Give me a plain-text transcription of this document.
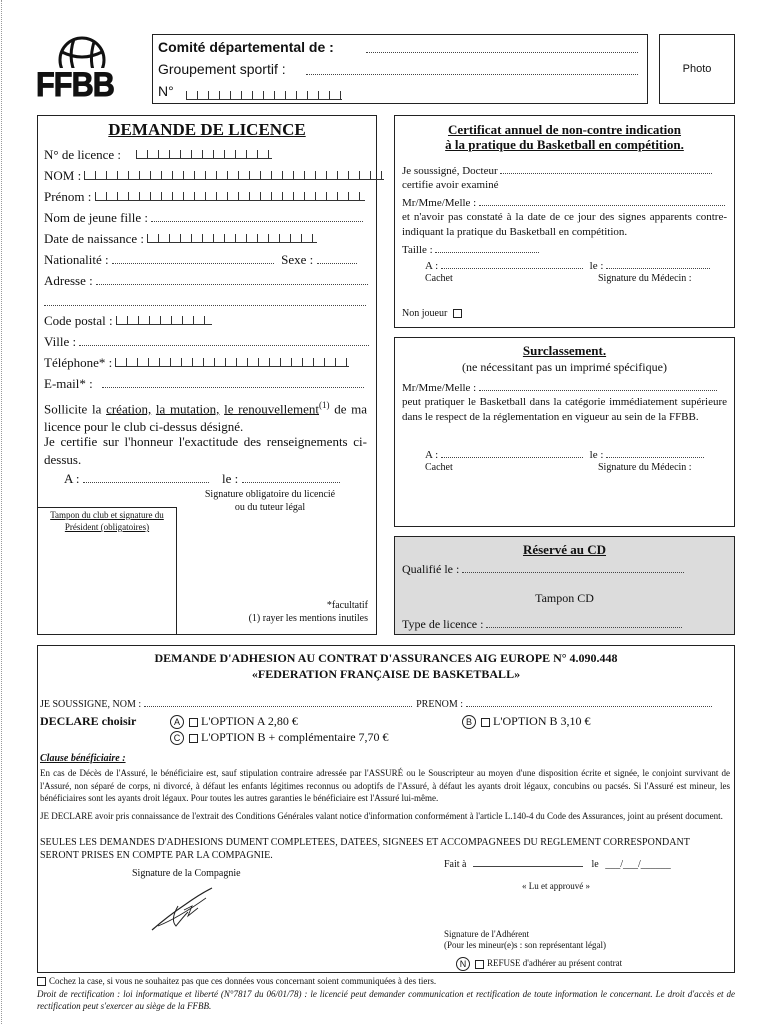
FFBB
Comité départemental de :
Groupement sportif :
N°
Photo
DEMANDE DE LICENCE
N° de licence :
NOM :
Prénom :
Nom de jeune fille :
Date de naissance :
Nationalité :	Sexe :
Adresse :
Code postal :
Ville :
Téléphone* :
E-mail* :
Sollicite la création, la mutation, le renouvellement$^{(1)}$ de ma licence pour le club ci-dessus désigné.
Je certifie sur l'honneur l'exactitude des renseignements ci-dessus.
A :	le :
Signature obligatoire du licencié
ou du tuteur légal
Tampon du club et signature du
Président (obligatoires)
*facultatif
(1) rayer les mentions inutiles
Certificat annuel de non-contre indication
à la pratique du Basketball en compétition.
Je soussigné, Docteur
certifie avoir examiné
Mr/Mme/Melle :
et n'avoir pas constaté à la date de ce jour des signes apparents contre-indiquant la pratique du Basketball en compétition.
Taille :
A :	le :
Cachet	Signature du Médecin :
Non joueur
Surclassement.
(ne nécessitant pas un imprimé spécifique)
Mr/Mme/Melle :
peut pratiquer le Basketball dans la catégorie immédiatement supérieure dans le respect de la réglementation en vigueur au sein de la FFBB.
A :	le :
Cachet	Signature du Médecin :
Réservé au CD
Qualifié le :
Tampon CD
Type de licence :
DEMANDE D'ADHESION AU CONTRAT D'ASSURANCES AIG EUROPE N° 4.090.448
«FEDERATION FRANÇAISE DE BASKETBALL»
JE SOUSSIGNE, NOM :	PRENOM :
DECLARE choisir	A L'OPTION A 2,80 €	B L'OPTION B 3,10 €
C L'OPTION B + complémentaire 7,70 €
Clause bénéficiaire :
En cas de Décès de l'Assuré, le bénéficiaire est, sauf stipulation contraire adressée par l'ASSURÉ ou le Souscripteur au moyen d'une disposition écrite et signée, le conjoint survivant de l'Assuré, non séparé de corps, ni divorcé, à défaut les enfants légitimes reconnus ou adoptifs de l'Assuré, à défaut les ayants droit légaux, concubins ou pacsés. Si l'Assuré est mineur, les bénéficiaires sont les ayants droit légaux. Pour toutes les autres garanties le bénéficiaire est l'Assuré lui-même.
JE DECLARE avoir pris connaissance de l'extrait des Conditions Générales valant notice d'information conformément à l'article L.140-4 du Code des Assurances, joint au présent document.
SEULES LES DEMANDES D'ADHESIONS DUMENT COMPLETEES, DATEES, SIGNEES ET ACCOMPAGNEES DU REGLEMENT CORRESPONDANT SERONT PRISES EN COMPTE PAR LA COMPAGNIE.
Fait à	le ___/___/______
Signature de la Compagnie
« Lu et approuvé »
Signature de l'Adhérent
(Pour les mineur(e)s : son représentant légal)
N REFUSE d'adhérer au présent contrat
Cochez la case, si vous ne souhaitez pas que ces données vous concernant soient communiquées à des tiers.
Droit de rectification : loi informatique et liberté (N°7817 du 06/01/78) : le licencié peut demander communication et rectification de toute information le concernant. Le droit d'accès et de rectification peut s'exercer au siège de la FFBB.
